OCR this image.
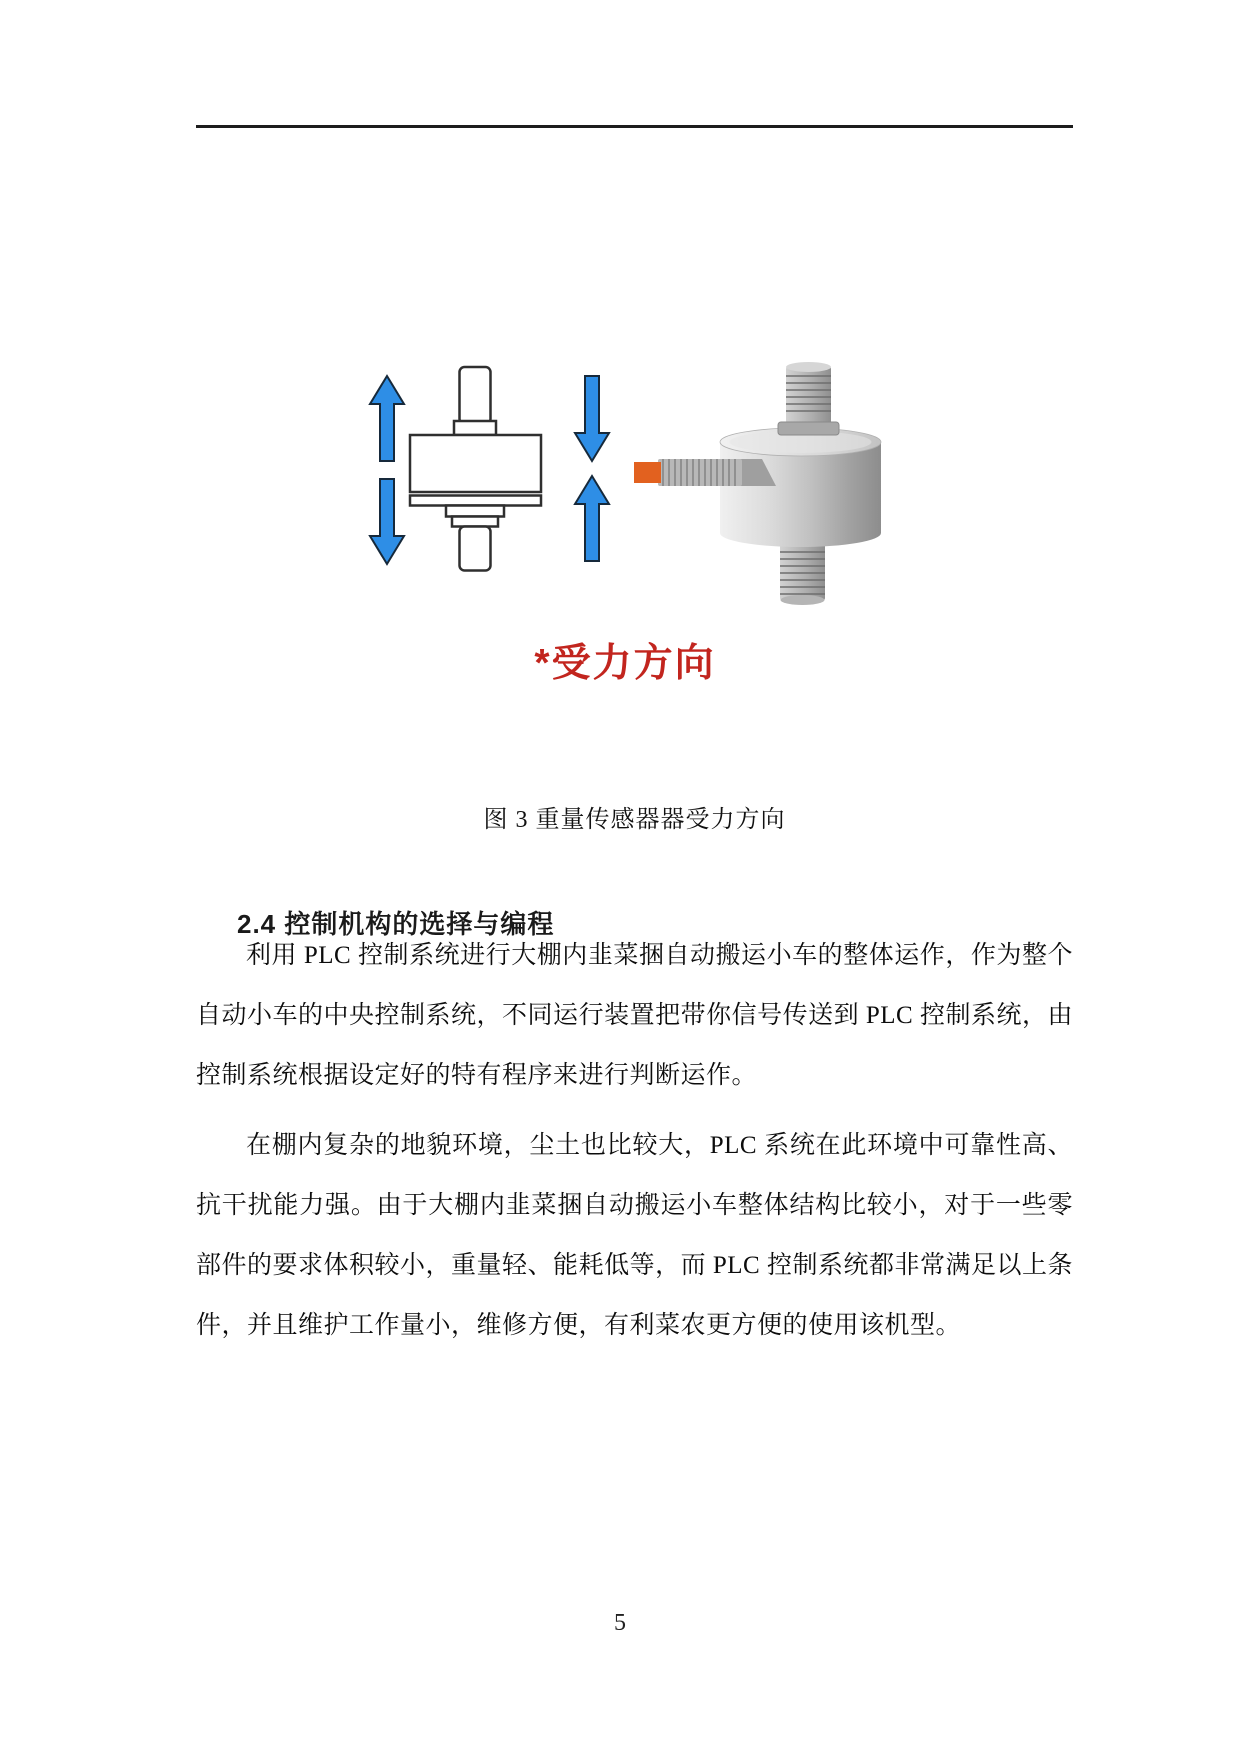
*受力方向
图 3 重量传感器器受力方向
2.4 控制机构的选择与编程

利用 PLC 控制系统进行大棚内韭菜捆自动搬运小车的整体运作，作为整个自动小车的中央控制系统，不同运行装置把带你信号传送到 PLC 控制系统，由控制系统根据设定好的特有程序来进行判断运作。

在棚内复杂的地貌环境，尘土也比较大，PLC 系统在此环境中可靠性高、抗干扰能力强。由于大棚内韭菜捆自动搬运小车整体结构比较小，对于一些零部件的要求体积较小，重量轻、能耗低等，而 PLC 控制系统都非常满足以上条件，并且维护工作量小，维修方便，有利菜农更方便的使用该机型。

5
